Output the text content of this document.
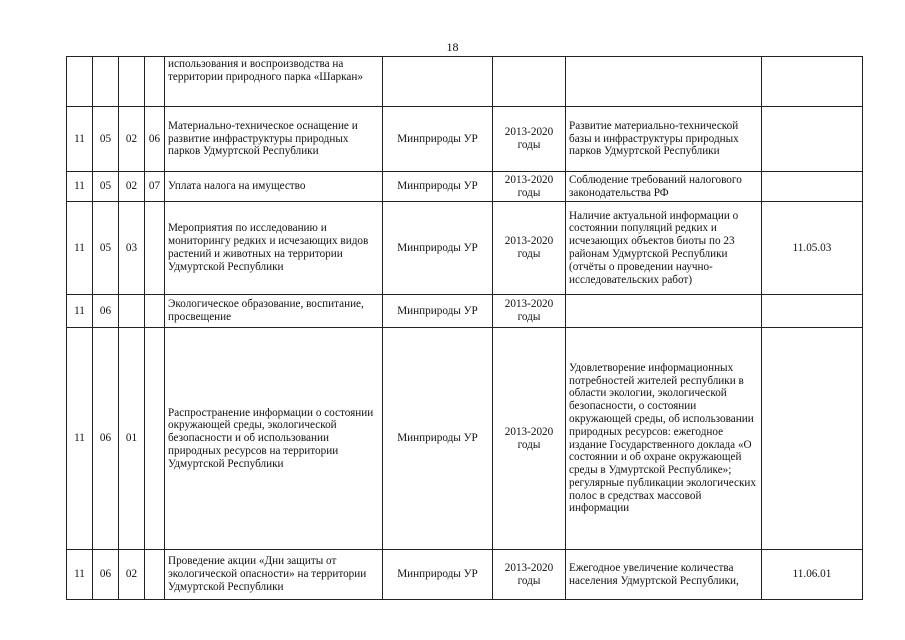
18
				использования и воспроизводства на территории природного парка «Шаркан»				
11	05	02	06	Материально-техническое оснащение и развитие инфраструктуры природных парков Удмуртской Республики	Минприроды УР	2013-2020 годы	Развитие материально-технической базы и инфраструктуры природных парков Удмуртской Республики	
11	05	02	07	Уплата налога на имущество	Минприроды УР	2013-2020 годы	Соблюдение требований налогового законодательства РФ	
11	05	03		Мероприятия по исследованию и мониторингу редких и исчезающих видов растений и животных на территории Удмуртской Республики	Минприроды УР	2013-2020 годы	Наличие актуальной информации о состоянии популяций редких и исчезающих объектов биоты по 23 районам Удмуртской Республики (отчёты о проведении научно-исследовательских работ)	11.05.03
11	06			Экологическое образование, воспитание, просвещение	Минприроды УР	2013-2020 годы		
11	06	01		Распространение информации о состоянии окружающей среды, экологической безопасности и об использовании природных ресурсов на территории Удмуртской Республики	Минприроды УР	2013-2020 годы	Удовлетворение информационных потребностей жителей республики в области экологии, экологической безопасности, о состоянии окружающей среды, об использовании природных ресурсов: ежегодное издание Государственного доклада «О состоянии и об охране окружающей среды в Удмуртской Республике»; регулярные публикации экологических полос в средствах массовой информации	
11	06	02		Проведение акции «Дни защиты от экологической опасности» на территории Удмуртской Республики	Минприроды УР	2013-2020 годы	Ежегодное увеличение количества населения Удмуртской Республики,	11.06.01
